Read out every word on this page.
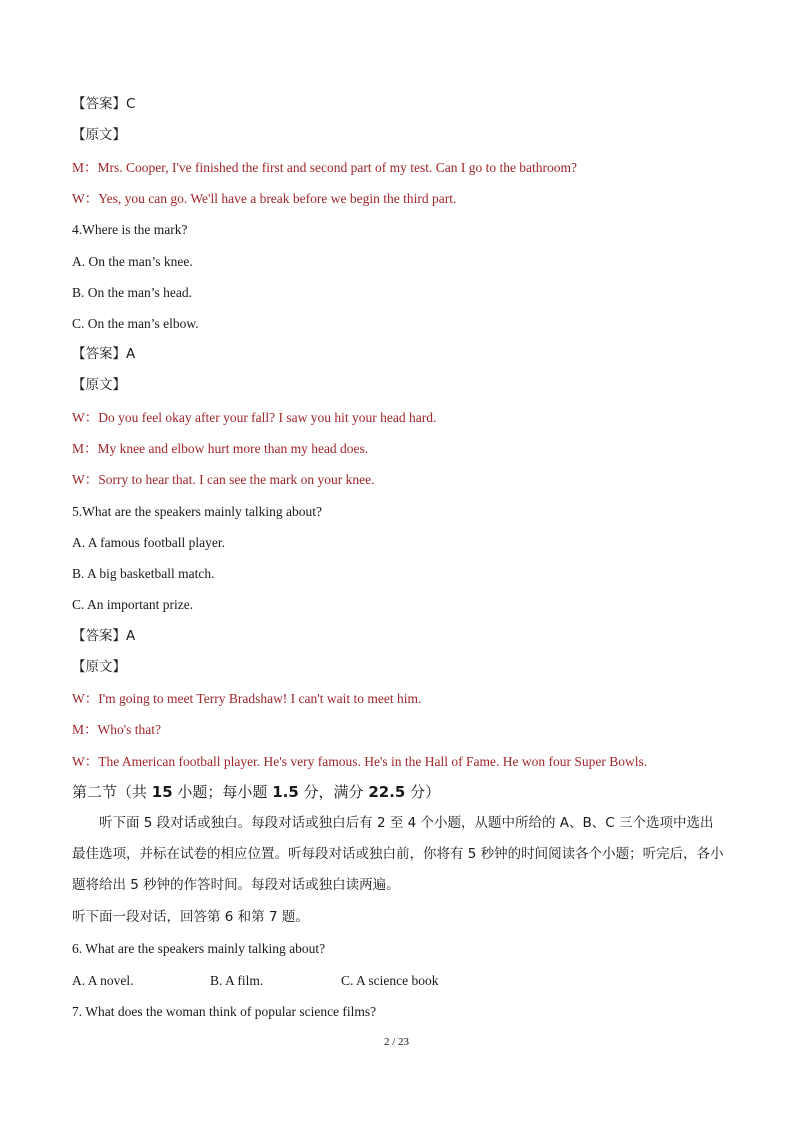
【答案】C
【原文】
M：Mrs. Cooper, I've finished the first and second part of my test. Can I go to the bathroom?
W：Yes, you can go. We'll have a break before we begin the third part.
4.Where is the mark?
A. On the man’s knee.
B. On the man’s head.
C. On the man’s elbow.
【答案】A
【原文】
W：Do you feel okay after your fall? I saw you hit your head hard.
M：My knee and elbow hurt more than my head does.
W：Sorry to hear that. I can see the mark on your knee.
5.What are the speakers mainly talking about?
A. A famous football player.
B. A big basketball match.
C. An important prize.
【答案】A
【原文】
W：I'm going to meet Terry Bradshaw! I can't wait to meet him.
M：Who's that?
W：The American football player. He's very famous. He's in the Hall of Fame. He won four Super Bowls.
第二节（共 15 小题；每小题 1.5 分，满分 22.5 分）
听下面 5 段对话或独白。每段对话或独白后有 2 至 4 个小题，从题中所给的 A、B、C 三个选项中选出最佳选项，并标在试卷的相应位置。听每段对话或独白前，你将有 5 秒钟的时间阅读各个小题；听完后，各小题将给出 5 秒钟的作答时间。每段对话或独白读两遍。
听下面一段对话，回答第 6 和第 7 题。
6. What are the speakers mainly talking about?
A. A novel.	B. A film.	C. A science book
7. What does the woman think of popular science films?
2 / 23
